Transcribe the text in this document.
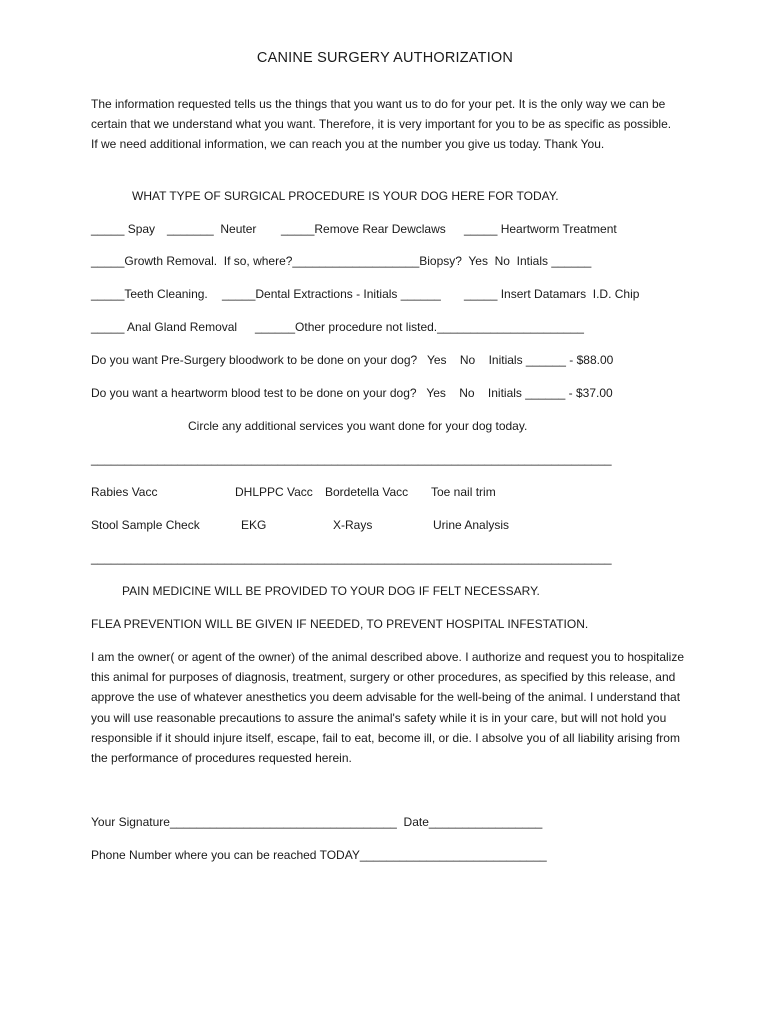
CANINE SURGERY AUTHORIZATION
The information requested tells us the things that you want us to do for your pet. It is the only way we can be certain that we understand what you want. Therefore, it is very important for you to be as specific as possible. If we need additional information, we can reach you at the number you give us today. Thank You.
WHAT TYPE OF SURGICAL PROCEDURE IS YOUR DOG HERE FOR TODAY.
_____ Spay _______  Neuter _____Remove Rear Dewclaws _____ Heartworm Treatment
_____Growth Removal.  If so, where?___________________Biopsy?  Yes  No  Intials ______
_____Teeth Cleaning. _____Dental Extractions - Initials ______ _____ Insert Datamars  I.D. Chip
_____ Anal Gland Removal ______Other procedure not listed.______________________
Do you want Pre-Surgery bloodwork to be done on your dog?   Yes    No    Initials ______ - $88.00
Do you want a heartworm blood test to be done on your dog?   Yes    No    Initials ______ - $37.00
Circle any additional services you want done for your dog today.
______________________________________________________________________________
Rabies Vacc	DHLPPC Vacc Bordetella Vacc Toe nail trim
Stool Sample Check	EKG	X-Rays	Urine Analysis
______________________________________________________________________________
PAIN MEDICINE WILL BE PROVIDED TO YOUR DOG IF FELT NECESSARY.
FLEA PREVENTION WILL BE GIVEN IF NEEDED, TO PREVENT HOSPITAL INFESTATION.
I am the owner( or agent of the owner) of the animal described above. I authorize and request you to hospitalize this animal for purposes of diagnosis, treatment, surgery or other procedures, as specified by this release, and approve the use of whatever anesthetics you deem advisable for the well-being of the animal. I understand that you will use reasonable precautions to assure the animal's safety while it is in your care, but will not hold you responsible if it should injure itself, escape, fail to eat, become ill, or die. I absolve you of all liability arising from the performance of procedures requested herein.
Your Signature__________________________________  Date_________________
Phone Number where you can be reached TODAY____________________________
